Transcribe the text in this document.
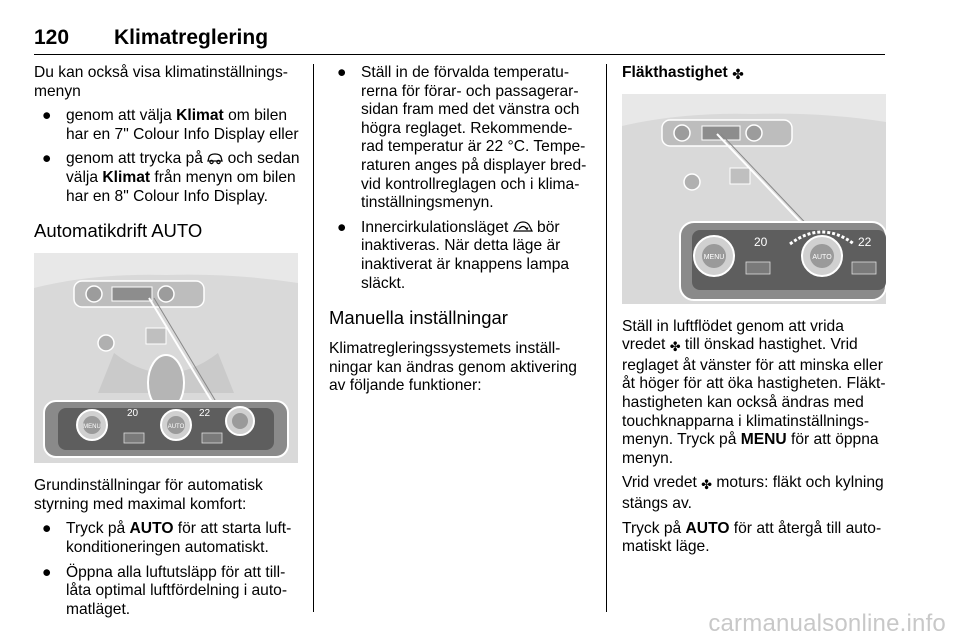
120 Klimatreglering

Du kan också visa klimatinställnings-menyn

● genom att välja Klimat om bilen har en 7" Colour Info Display eller
● genom att trycka på  och sedan välja Klimat från menyn om bilen har en 8" Colour Info Display.
Automatikdrift AUTO
MENU	AUTO
20	22

Grundinställningar för automatisk styrning med maximal komfort:

● Tryck på AUTO för att starta luft-konditioneringen automatiskt.
● Öppna alla luftutsläpp för att till-låta optimal luftfördelning i auto-matläget.
● Ställ in de förvalda temperatu-rerna för förar- och passagerar-sidan fram med det vänstra och högra reglaget. Rekommende-rad temperatur är 22 °C. Tempe-raturen anges på displayer bred-vid kontrollreglagen och i klima-tinställningsmenyn.
● Innercirkulationsläget  bör inaktiveras. När detta läge är inaktiverat är knappens lampa släckt.
Manuella inställningar

Klimatregleringssystemets inställ-ningar kan ändras genom aktivering av följande funktioner:

Fläkthastighet ✤

MENU	AUTO
20	22

Ställ in luftflödet genom att vrida vredet ✤ till önskad hastighet. Vrid reglaget åt vänster för att minska eller åt höger för att öka hastigheten. Fläkt-hastigheten kan också ändras med touchknapparna i klimatinställnings-menyn. Tryck på MENU för att öppna menyn.

Vrid vredet ✤ moturs: fläkt och kylning stängs av.

Tryck på AUTO för att återgå till auto-matiskt läge.

carmanualsonline.info
